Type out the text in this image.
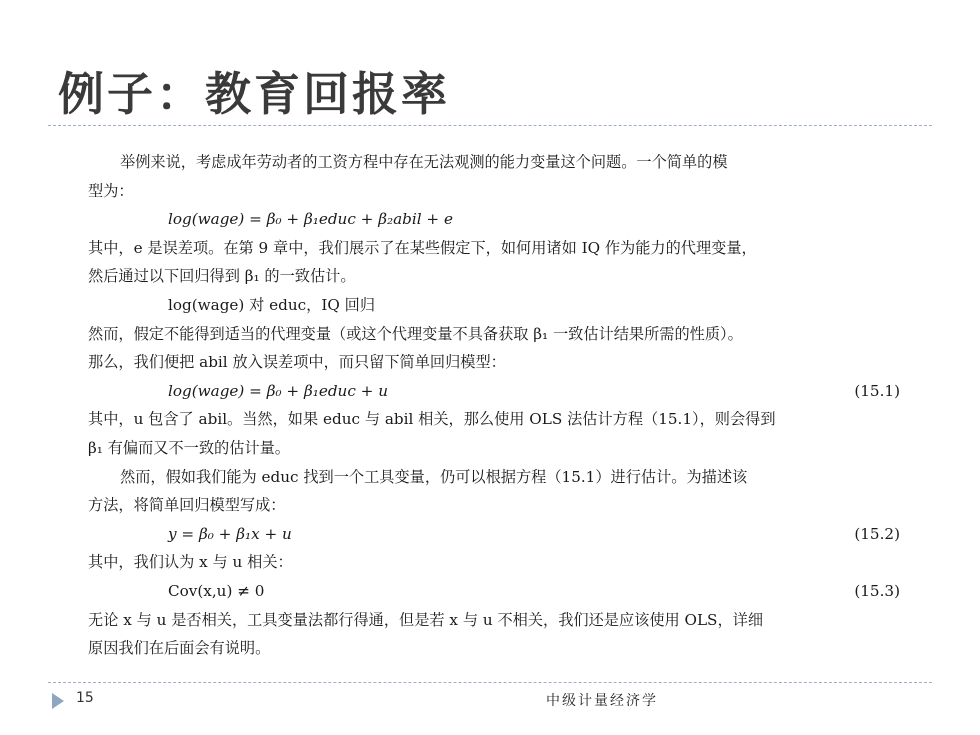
例子：教育回报率
举例来说，考虑成年劳动者的工资方程中存在无法观测的能力变量这个问题。一个简单的模
型为：
log(wage) = β₀ + β₁educ + β₂abil + e
其中，e 是误差项。在第 9 章中，我们展示了在某些假定下，如何用诸如 IQ 作为能力的代理变量，
然后通过以下回归得到 β₁ 的一致估计。
log(wage) 对 educ，IQ 回归
然而，假定不能得到适当的代理变量（或这个代理变量不具备获取 β₁ 一致估计结果所需的性质）。
那么，我们便把 abil 放入误差项中，而只留下简单回归模型：
log(wage) = β₀ + β₁educ + u	(15.1)
其中，u 包含了 abil。当然，如果 educ 与 abil 相关，那么使用 OLS 法估计方程（15.1），则会得到
β₁ 有偏而又不一致的估计量。
然而，假如我们能为 educ 找到一个工具变量，仍可以根据方程（15.1）进行估计。为描述该
方法，将简单回归模型写成：
y = β₀ + β₁x + u	(15.2)
其中，我们认为 x 与 u 相关：
Cov(x,u) ≠ 0	(15.3)
无论 x 与 u 是否相关，工具变量法都行得通，但是若 x 与 u 不相关，我们还是应该使用 OLS，详细
原因我们在后面会有说明。
15	中级计量经济学
